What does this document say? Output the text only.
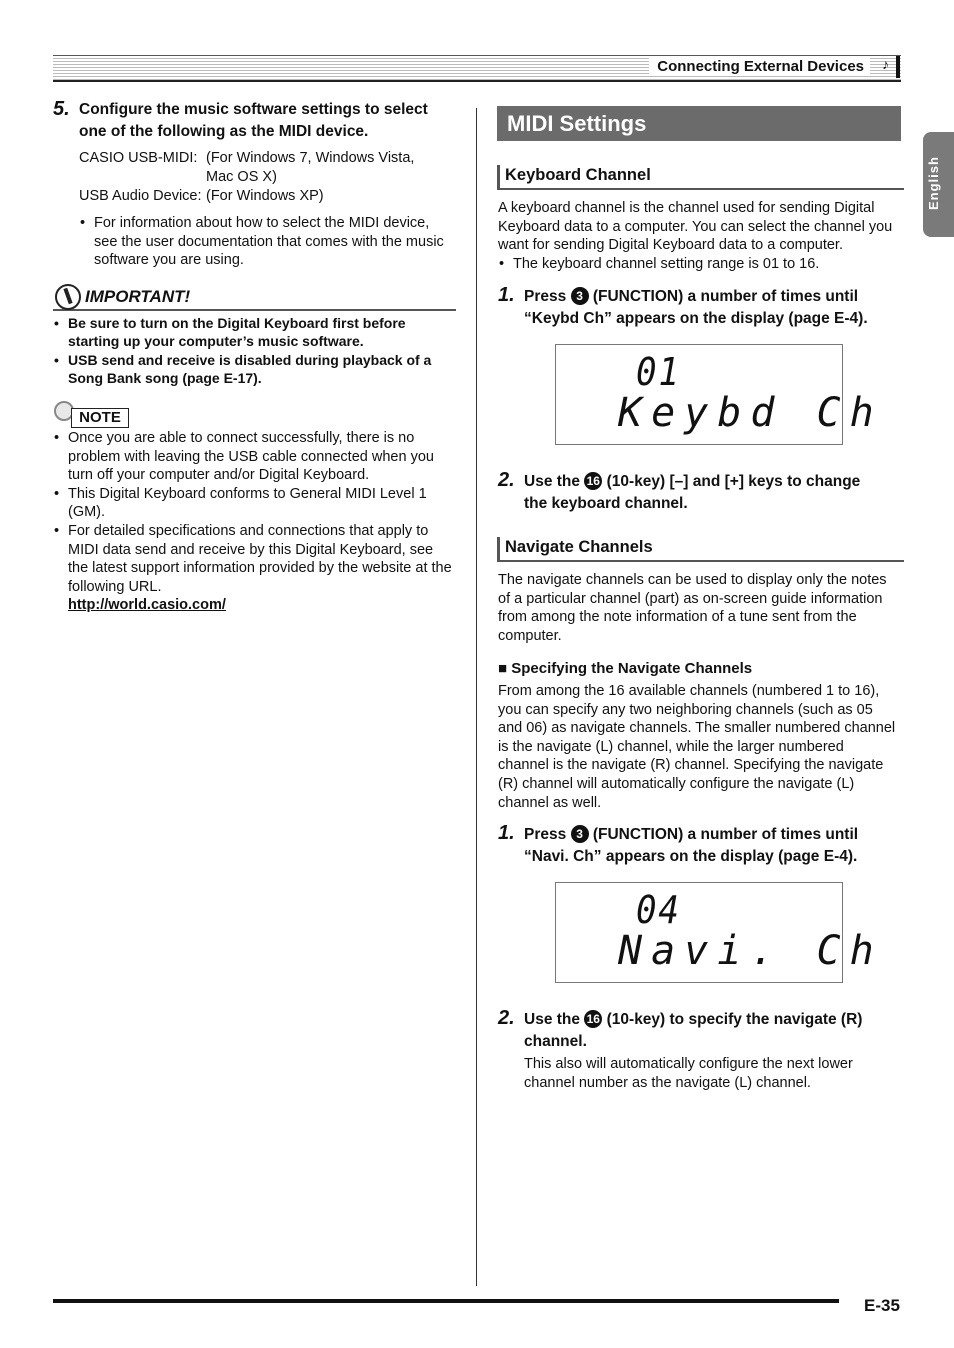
Connecting External Devices	♪
English
5. Configure the music software settings to select
one of the following as the MIDI device.
CASIO USB-MIDI: (For Windows 7, Windows Vista,
Mac OS X)
USB Audio Device: (For Windows XP)
• For information about how to select the MIDI device,
see the user documentation that comes with the music
software you are using.
IMPORTANT!
• Be sure to turn on the Digital Keyboard first before
starting up your computer’s music software.
• USB send and receive is disabled during playback of a
Song Bank song (page E-17).
NOTE
• Once you are able to connect successfully, there is no
problem with leaving the USB cable connected when you
turn off your computer and/or Digital Keyboard.
• This Digital Keyboard conforms to General MIDI Level 1
(GM).
• For detailed specifications and connections that apply to
MIDI data send and receive by this Digital Keyboard, see
the latest support information provided by the website at the
following URL.
http://world.casio.com/
MIDI Settings
Keyboard Channel
A keyboard channel is the channel used for sending Digital
Keyboard data to a computer. You can select the channel you
want for sending Digital Keyboard data to a computer.
• The keyboard channel setting range is 01 to 16.
1. Press 3 (FUNCTION) a number of times until
“Keybd Ch” appears on the display (page E-4).
01
Keybd Ch
2. Use the 16 (10-key) [–] and [+] keys to change
the keyboard channel.
Navigate Channels
The navigate channels can be used to display only the notes
of a particular channel (part) as on-screen guide information
from among the note information of a tune sent from the
computer.
■ Specifying the Navigate Channels
From among the 16 available channels (numbered 1 to 16),
you can specify any two neighboring channels (such as 05
and 06) as navigate channels. The smaller numbered channel
is the navigate (L) channel, while the larger numbered
channel is the navigate (R) channel. Specifying the navigate
(R) channel will automatically configure the navigate (L)
channel as well.
1. Press 3 (FUNCTION) a number of times until
“Navi. Ch” appears on the display (page E-4).
04
Navi. Ch
2. Use the 16 (10-key) to specify the navigate (R)
channel.
This also will automatically configure the next lower
channel number as the navigate (L) channel.
E-35
